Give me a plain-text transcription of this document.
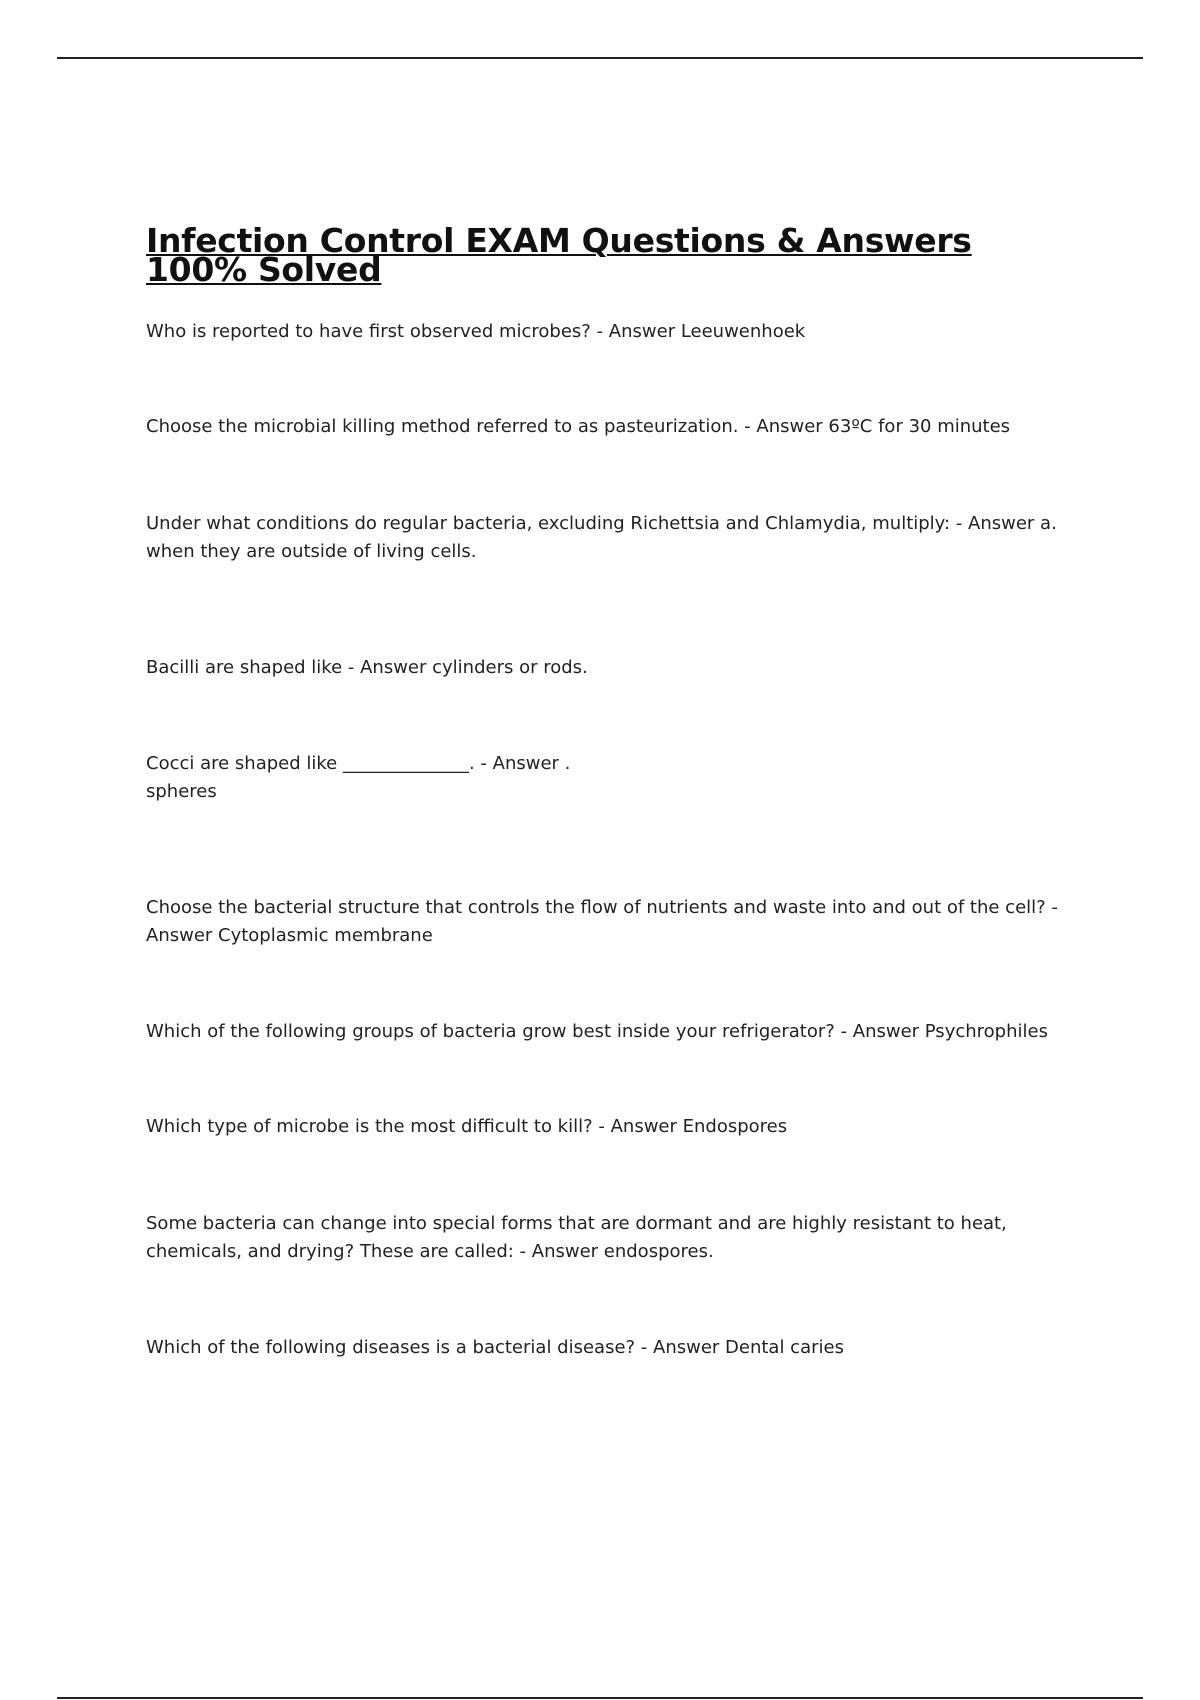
Infection Control EXAM Questions & Answers 100% Solved

Who is reported to have first observed microbes? - Answer Leeuwenhoek

Choose the microbial killing method referred to as pasteurization. - Answer 63ºC for 30 minutes

Under what conditions do regular bacteria, excluding Richettsia and Chlamydia, multiply: - Answer a.
when they are outside of living cells.

Bacilli are shaped like - Answer cylinders or rods.

Cocci are shaped like ______________. - Answer .
spheres

Choose the bacterial structure that controls the flow of nutrients and waste into and out of the cell? - Answer Cytoplasmic membrane

Which of the following groups of bacteria grow best inside your refrigerator? - Answer Psychrophiles

Which type of microbe is the most difficult to kill? - Answer Endospores

Some bacteria can change into special forms that are dormant and are highly resistant to heat, chemicals, and drying? These are called: - Answer endospores.

Which of the following diseases is a bacterial disease? - Answer Dental caries
